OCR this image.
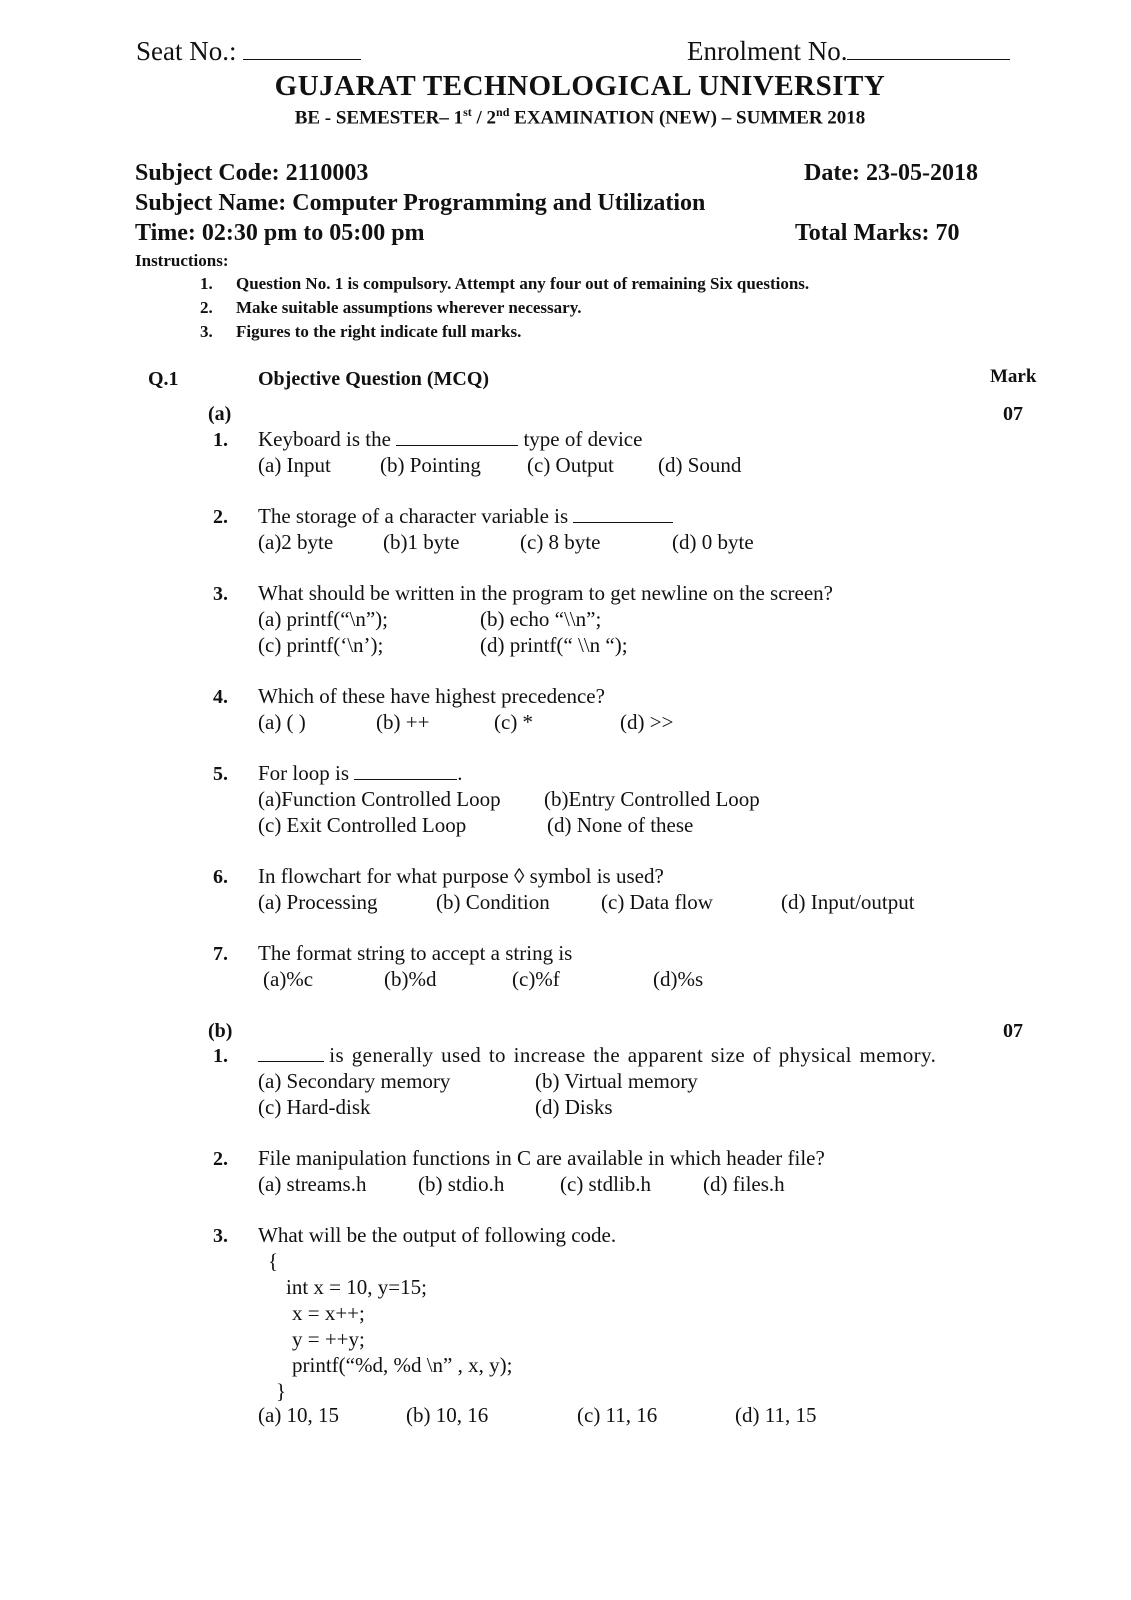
Seat No.:	Enrolment No.
GUJARAT TECHNOLOGICAL UNIVERSITY
BE - SEMESTER– 1st / 2nd EXAMINATION (NEW) – SUMMER 2018
Subject Code: 2110003	Date: 23-05-2018
Subject Name: Computer Programming and Utilization
Time: 02:30 pm to 05:00 pm	Total Marks: 70
Instructions:
1. Question No. 1 is compulsory. Attempt any four out of remaining Six questions.
2. Make suitable assumptions wherever necessary.
3. Figures to the right indicate full marks.
Q.1	Objective Question (MCQ)	Mark
(a)	07
1. Keyboard is the	type of device
(a) Input (b) Pointing (c) Output (d) Sound
2. The storage of a character variable is
(a)2 byte (b)1 byte	(c) 8 byte	(d) 0 byte
3. What should be written in the program to get newline on the screen?
(a) printf(“\n”);	(b) echo “\\n”;
(c) printf(‘\n’);	(d) printf(“ \\n “);
4. Which of these have highest precedence?
(a) ( )	(b) ++	(c) *	(d) >>
5. For loop is	.
(a)Function Controlled Loop (b)Entry Controlled Loop
(c) Exit Controlled Loop	(d) None of these
6. In flowchart for what purpose ◊ symbol is used?
(a) Processing	(b) Condition (c) Data flow	(d) Input/output
7. The format string to accept a string is
(a)%c	(b)%d	(c)%f	(d)%s
(b)	07
1.	is generally used to increase the apparent size of physical memory.
(a) Secondary memory	(b) Virtual memory
(c) Hard-disk	(d) Disks
2. File manipulation functions in C are available in which header file?
(a) streams.h (b) stdio.h	(c) stdlib.h (d) files.h
3. What will be the output of following code.
{
int x = 10, y=15;
x = x++;
y = ++y;
printf(“%d, %d \n” , x, y);
}
(a) 10, 15	(b) 10, 16	(c) 11, 16	(d) 11, 15
